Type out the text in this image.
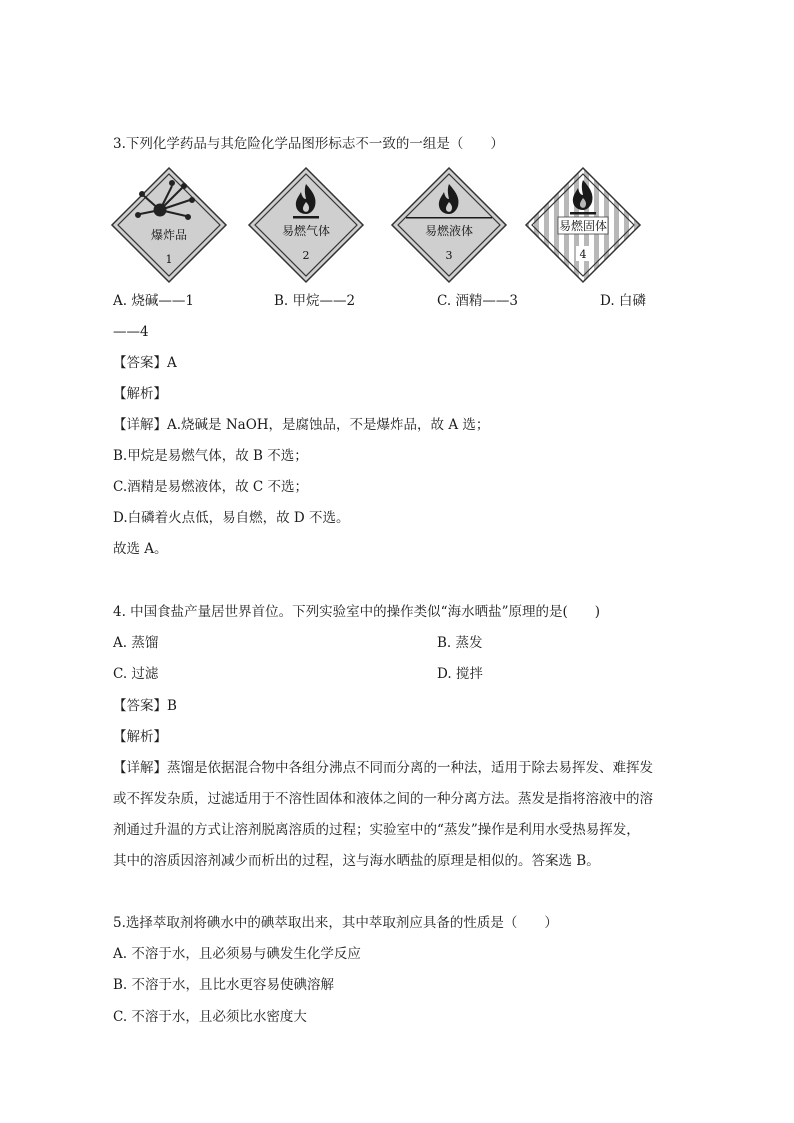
3.下列化学药品与其危险化学品图形标志不一致的一组是（　　）
爆炸品
1
易燃气体
2
易燃液体
3
易燃固体
4
A. 烧碱——1	B. 甲烷——2	C. 酒精——3	D. 白磷
——4
【答案】A
【解析】
【详解】A.烧碱是 NaOH，是腐蚀品，不是爆炸品，故 A 选；
B.甲烷是易燃气体，故 B 不选；
C.酒精是易燃液体，故 C 不选；
D.白磷着火点低，易自燃，故 D 不选。
故选 A。
4. 中国食盐产量居世界首位。下列实验室中的操作类似“海水晒盐”原理的是(　　)
A. 蒸馏	B. 蒸发
C. 过滤	D. 搅拌
【答案】B
【解析】
【详解】蒸馏是依据混合物中各组分沸点不同而分离的一种法，适用于除去易挥发、难挥发
或不挥发杂质，过滤适用于不溶性固体和液体之间的一种分离方法。蒸发是指将溶液中的溶
剂通过升温的方式让溶剂脱离溶质的过程；实验室中的“蒸发”操作是利用水受热易挥发，
其中的溶质因溶剂减少而析出的过程，这与海水晒盐的原理是相似的。答案选 B。
5.选择萃取剂将碘水中的碘萃取出来，其中萃取剂应具备的性质是（　　）
A. 不溶于水，且必须易与碘发生化学反应
B. 不溶于水，且比水更容易使碘溶解
C. 不溶于水，且必须比水密度大
